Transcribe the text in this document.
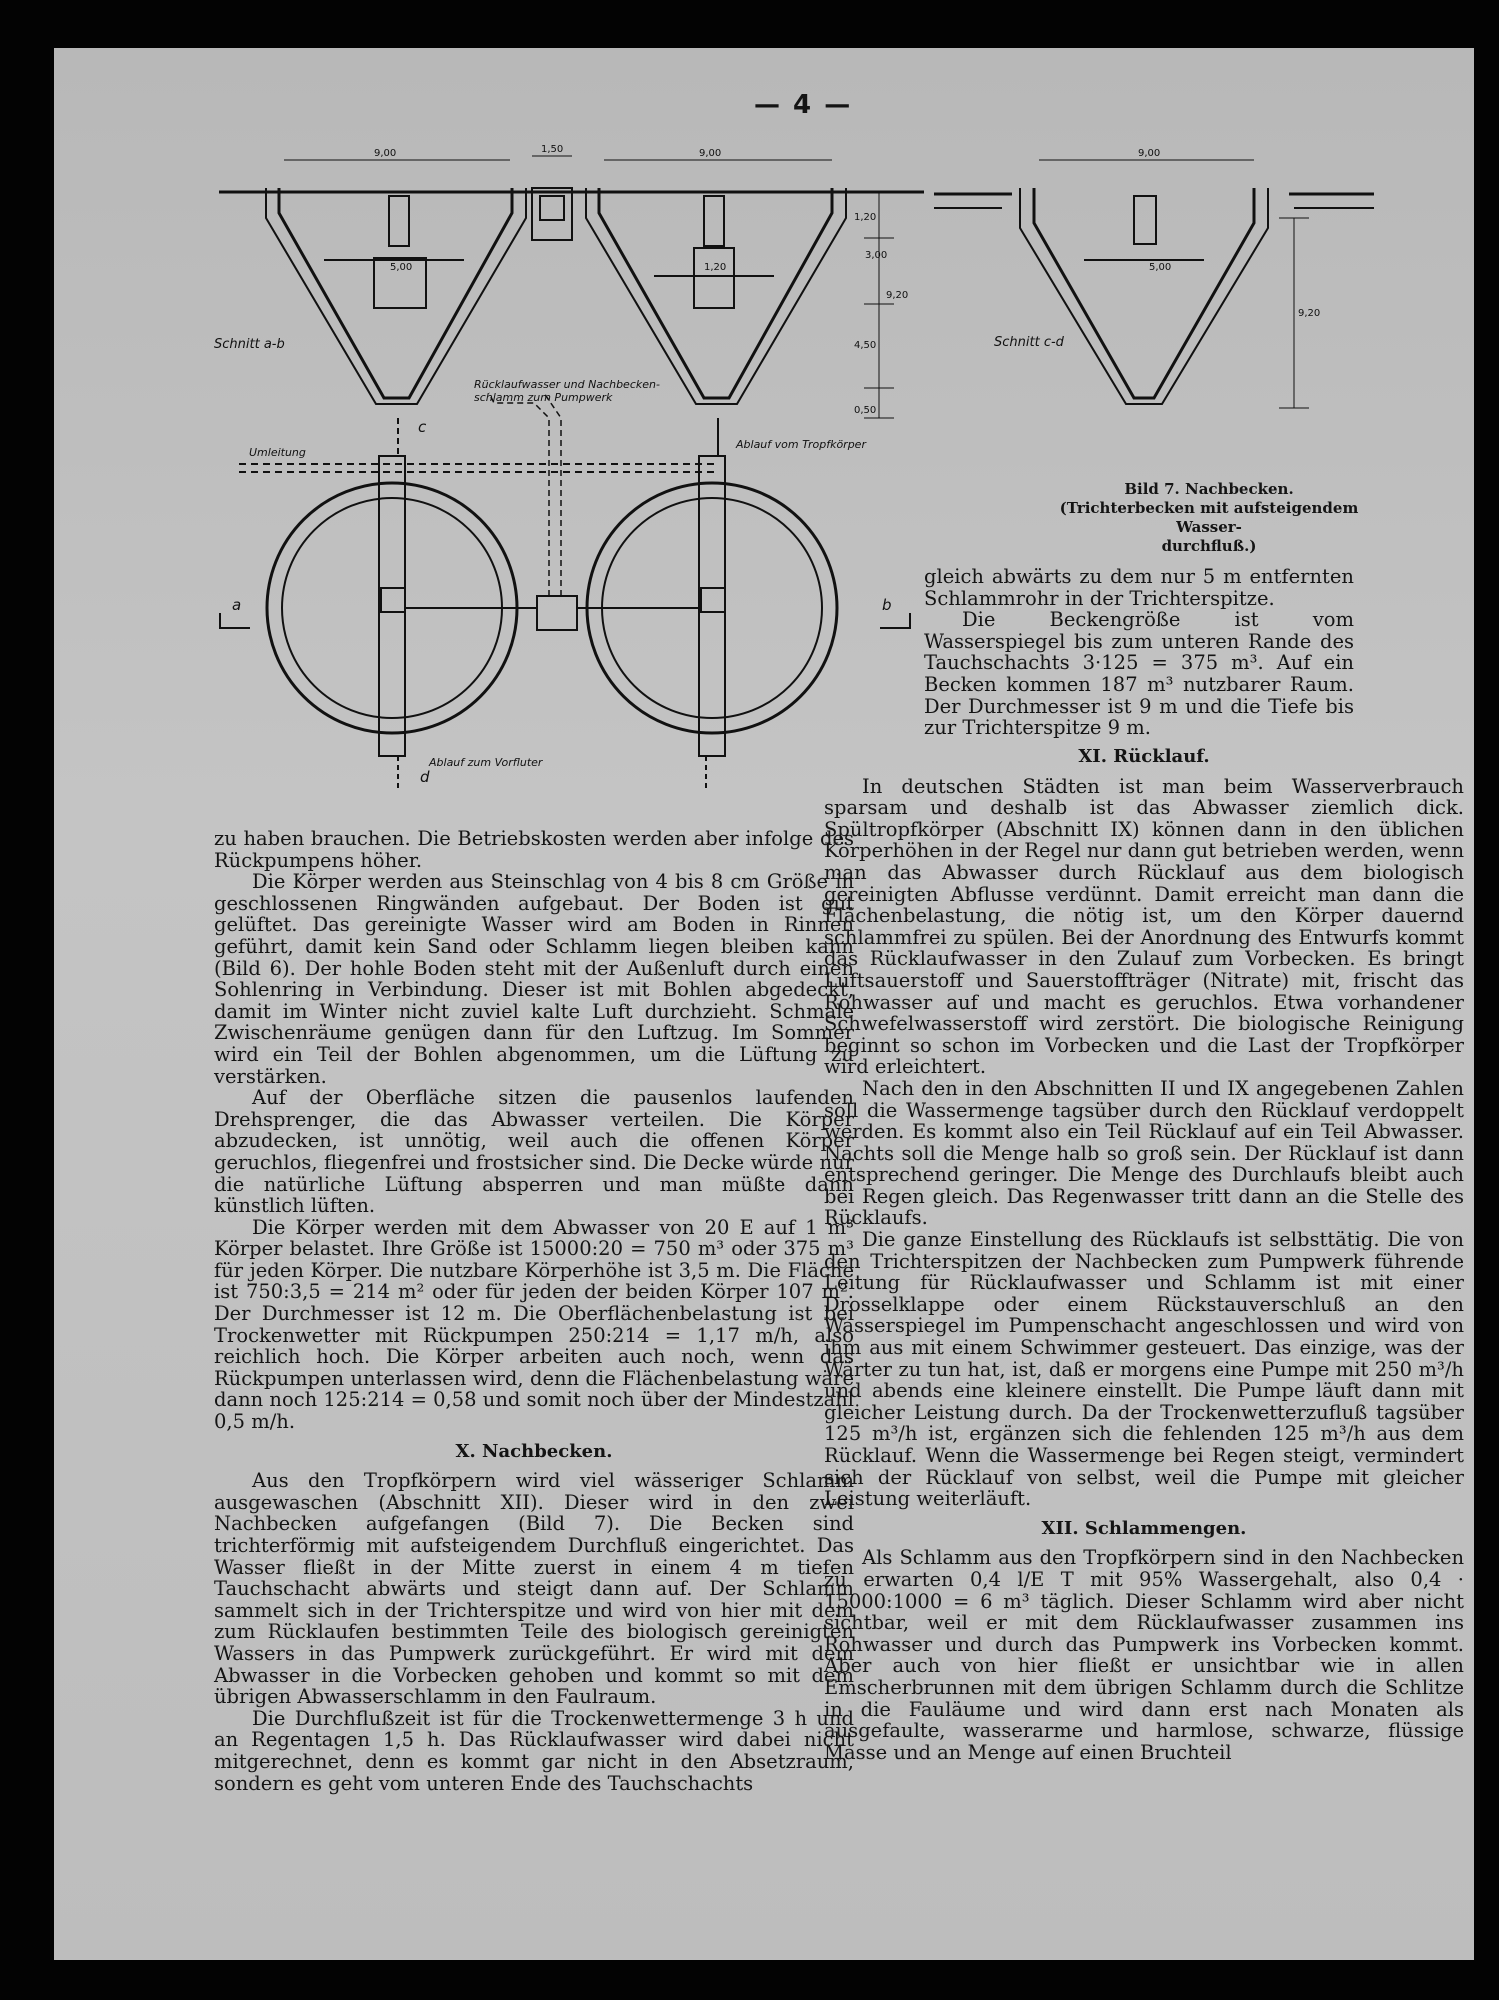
— 4 —
9,00	1,50	9,00	9,00
5,00	1,20
1,20
3,00
4,50
9,20
0,50
5,00
9,20
Schnitt a-b	Schnitt c-d
Rücklaufwasser und Nachbecken-
schlamm zum Pumpwerk
Umleitung
Ablauf vom Tropfkörper
Ablauf zum Vorfluter
a	b
c
d
Bild 7. Nachbecken.
(Trichterbecken mit aufsteigendem Wasser-
durchfluß.)

gleich abwärts zu dem nur 5 m entfernten Schlammrohr in der Trichterspitze.

Die Beckengröße ist vom Wasserspiegel bis zum unteren Rande des Tauchschachts 3·125 = 375 m³. Auf ein Becken kommen 187 m³ nutzbarer Raum. Der Durchmesser ist 9 m und die Tiefe bis zur Trichterspitze 9 m.

zu haben brauchen. Die Betriebskosten werden aber infolge des Rückpumpens höher.

Die Körper werden aus Steinschlag von 4 bis 8 cm Größe in geschlossenen Ringwänden aufgebaut. Der Boden ist gut gelüftet. Das gereinigte Wasser wird am Boden in Rinnen geführt, damit kein Sand oder Schlamm liegen bleiben kann (Bild 6). Der hohle Boden steht mit der Außenluft durch einen Sohlenring in Verbindung. Dieser ist mit Bohlen abgedeckt, damit im Winter nicht zuviel kalte Luft durchzieht. Schmale Zwischenräume genügen dann für den Luftzug. Im Sommer wird ein Teil der Bohlen abgenommen, um die Lüftung zu verstärken.

Auf der Oberfläche sitzen die pausenlos laufenden Drehsprenger, die das Abwasser verteilen. Die Körper abzudecken, ist unnötig, weil auch die offenen Körper geruchlos, fliegenfrei und frostsicher sind. Die Decke würde nur die natürliche Lüftung absperren und man müßte dann künstlich lüften.

Die Körper werden mit dem Abwasser von 20 E auf 1 m³ Körper belastet. Ihre Größe ist 15000:20 = 750 m³ oder 375 m³ für jeden Körper. Die nutzbare Körperhöhe ist 3,5 m. Die Fläche ist 750:3,5 = 214 m² oder für jeden der beiden Körper 107 m². Der Durchmesser ist 12 m. Die Oberflächenbelastung ist bei Trockenwetter mit Rückpumpen 250:214 = 1,17 m/h, also reichlich hoch. Die Körper arbeiten auch noch, wenn das Rückpumpen unterlassen wird, denn die Flächenbelastung wäre dann noch 125:214 = 0,58 und somit noch über der Mindestzahl 0,5 m/h.

X. Nachbecken.

Aus den Tropfkörpern wird viel wässeriger Schlamm ausgewaschen (Abschnitt XII). Dieser wird in den zwei Nachbecken aufgefangen (Bild 7). Die Becken sind trichterförmig mit aufsteigendem Durchfluß eingerichtet. Das Wasser fließt in der Mitte zuerst in einem 4 m tiefen Tauchschacht abwärts und steigt dann auf. Der Schlamm sammelt sich in der Trichterspitze und wird von hier mit dem zum Rücklaufen bestimmten Teile des biologisch gereinigten Wassers in das Pumpwerk zurückgeführt. Er wird mit dem Abwasser in die Vorbecken gehoben und kommt so mit dem übrigen Abwasserschlamm in den Faulraum.

Die Durchflußzeit ist für die Trockenwettermenge 3 h und an Regentagen 1,5 h. Das Rücklaufwasser wird dabei nicht mitgerechnet, denn es kommt gar nicht in den Absetzraum, sondern es geht vom unteren Ende des Tauchschachts

XI. Rücklauf.

In deutschen Städten ist man beim Wasserverbrauch sparsam und deshalb ist das Abwasser ziemlich dick. Spültropfkörper (Abschnitt IX) können dann in den üblichen Körperhöhen in der Regel nur dann gut betrieben werden, wenn man das Abwasser durch Rücklauf aus dem biologisch gereinigten Abflusse verdünnt. Damit erreicht man dann die Flächenbelastung, die nötig ist, um den Körper dauernd schlammfrei zu spülen. Bei der Anordnung des Entwurfs kommt das Rücklaufwasser in den Zulauf zum Vorbecken. Es bringt Luftsauerstoff und Sauerstoffträger (Nitrate) mit, frischt das Rohwasser auf und macht es geruchlos. Etwa vorhandener Schwefelwasserstoff wird zerstört. Die biologische Reinigung beginnt so schon im Vorbecken und die Last der Tropfkörper wird erleichtert.

Nach den in den Abschnitten II und IX angegebenen Zahlen soll die Wassermenge tagsüber durch den Rücklauf verdoppelt werden. Es kommt also ein Teil Rücklauf auf ein Teil Abwasser. Nachts soll die Menge halb so groß sein. Der Rücklauf ist dann entsprechend geringer. Die Menge des Durchlaufs bleibt auch bei Regen gleich. Das Regenwasser tritt dann an die Stelle des Rücklaufs.

Die ganze Einstellung des Rücklaufs ist selbsttätig. Die von den Trichterspitzen der Nachbecken zum Pumpwerk führende Leitung für Rücklaufwasser und Schlamm ist mit einer Drosselklappe oder einem Rückstauverschluß an den Wasserspiegel im Pumpenschacht angeschlossen und wird von ihm aus mit einem Schwimmer gesteuert. Das einzige, was der Wärter zu tun hat, ist, daß er morgens eine Pumpe mit 250 m³/h und abends eine kleinere einstellt. Die Pumpe läuft dann mit gleicher Leistung durch. Da der Trockenwetterzufluß tagsüber 125 m³/h ist, ergänzen sich die fehlenden 125 m³/h aus dem Rücklauf. Wenn die Wassermenge bei Regen steigt, vermindert sich der Rücklauf von selbst, weil die Pumpe mit gleicher Leistung weiterläuft.

XII. Schlammengen.

Als Schlamm aus den Tropfkörpern sind in den Nachbecken zu erwarten 0,4 l/E T mit 95% Wassergehalt, also 0,4 · 15000:1000 = 6 m³ täglich. Dieser Schlamm wird aber nicht sichtbar, weil er mit dem Rücklaufwasser zusammen ins Rohwasser und durch das Pumpwerk ins Vorbecken kommt. Aber auch von hier fließt er unsichtbar wie in allen Emscherbrunnen mit dem übrigen Schlamm durch die Schlitze in die Fauläume und wird dann erst nach Monaten als ausgefaulte, wasserarme und harmlose, schwarze, flüssige Masse und an Menge auf einen Bruchteil
